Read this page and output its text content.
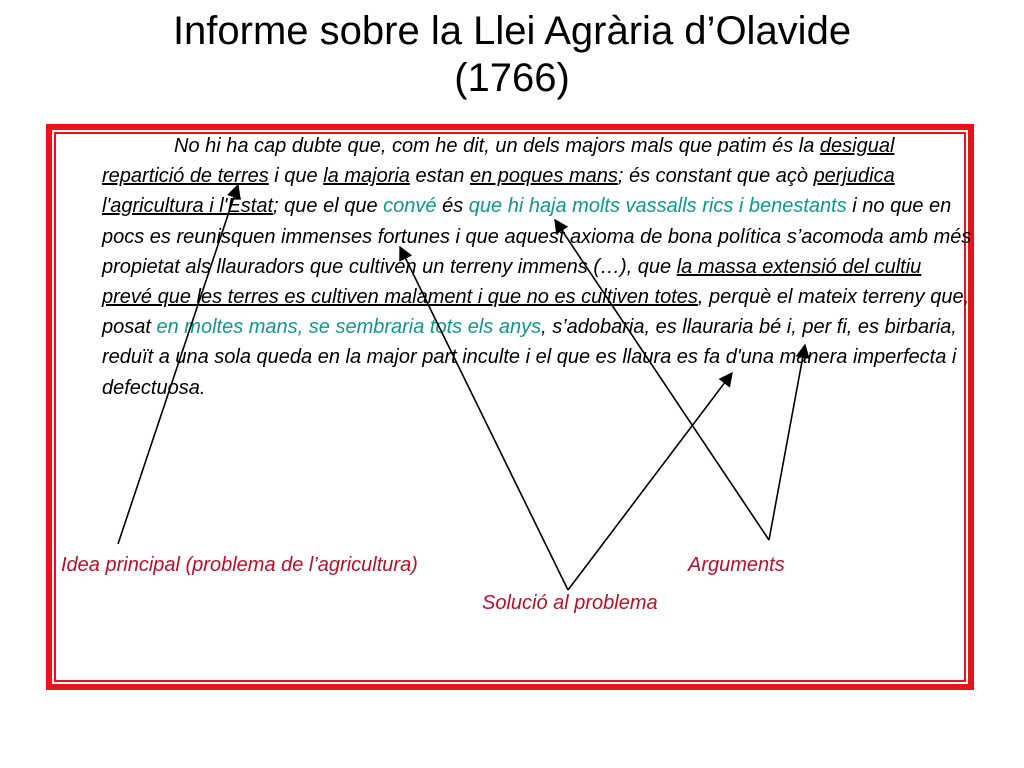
Informe sobre la Llei Agrària d’Olavide
(1766)

No hi ha cap dubte que, com he dit, un dels majors mals que patim és la desigual repartició de terres i que la majoria estan en poques mans; és constant que açò perjudica l'agricultura i l'Estat; que el que convé és que hi haja molts vassalls rics i benestants i no que en pocs es reunisquen immenses fortunes i que aquest axioma de bona política s’acomoda amb més propietat als llauradors que cultiven un terreny immens (…), que la massa extensió del cultiu prevé que les terres es cultiven malament i que no es cultiven totes, perquè el mateix terreny que, posat en moltes mans, se sembraria tots els anys, s’adobaria, es llauraria bé i, per fi, es birbaria, reduït a una sola queda en la major part inculte i el que es llaura es fa d'una manera imperfecta i defectuosa.

Idea principal (problema de l’agricultura)	Arguments
Solució al problema
